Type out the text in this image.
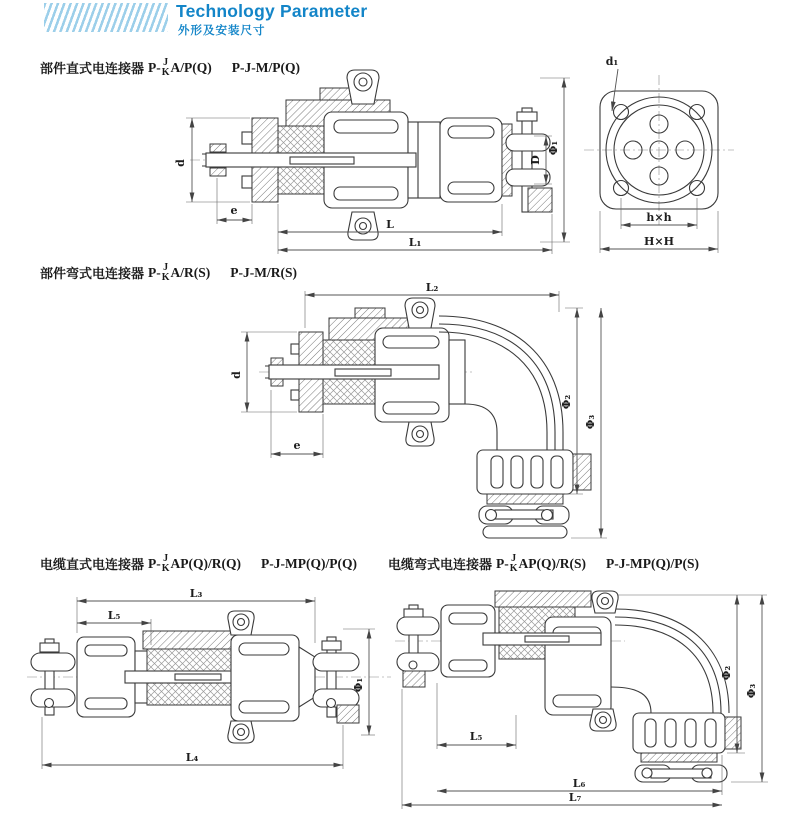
Technology Parameter
外形及安装尺寸
部件直式电连接器 P- J
K A/P(Q) P-J-M/P(Q)
部件弯式电连接器 P- J
K A/R(S) P-J-M/R(S)
电缆直式电连接器 P- J
K AP(Q)/R(Q) P-J-MP(Q)/P(Q) 电缆弯式电连接器 P- J
K AP(Q)/R(S) P-J-MP(Q)/P(S)
d
e
L
L₁
D
Φ₁
d₁
h×h
H×H
L₂
d
e
Φ₂
Φ₃
L₃
L₅
Φ₁
L₄
L₅
L₆
L₇
Φ₂
Φ₃
